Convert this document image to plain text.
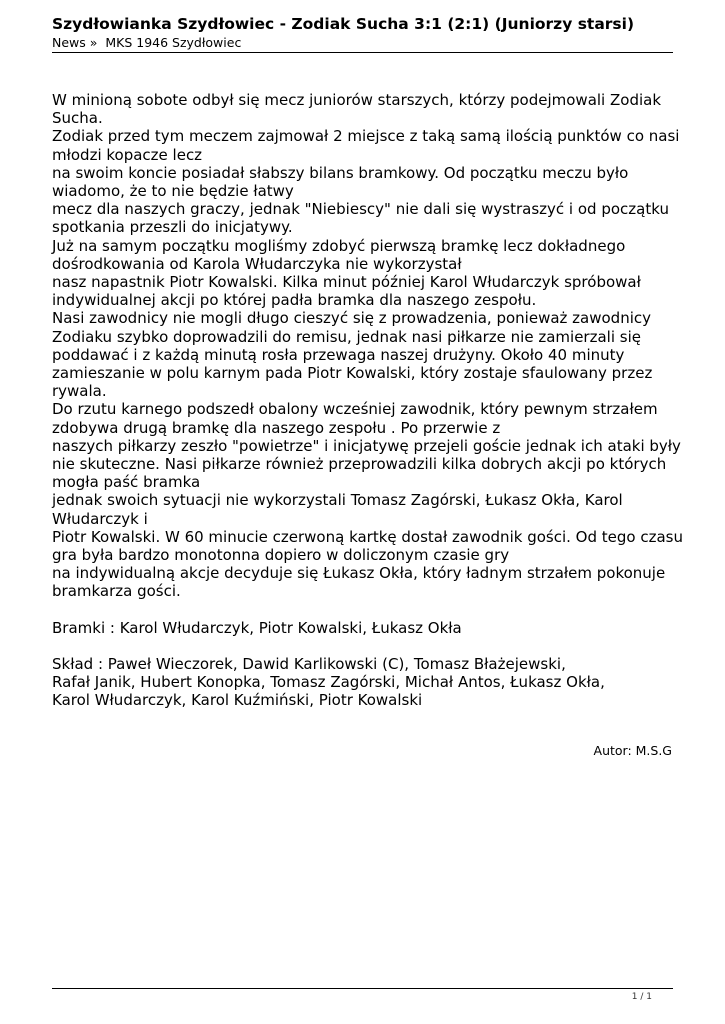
Szydłowianka Szydłowiec - Zodiak Sucha 3:1 (2:1) (Juniorzy starsi)
News »  MKS 1946 Szydłowiec
W minioną sobote odbył się mecz juniorów starszych, którzy podejmowali Zodiak
Sucha.
Zodiak przed tym meczem zajmował 2 miejsce z taką samą ilością punktów co nasi
młodzi kopacze lecz
na swoim koncie posiadał słabszy bilans bramkowy. Od początku meczu było
wiadomo, że to nie będzie łatwy
mecz dla naszych graczy, jednak "Niebiescy" nie dali się wystraszyć i od początku
spotkania przeszli do inicjatywy.
Już na samym początku mogliśmy zdobyć pierwszą bramkę lecz dokładnego
dośrodkowania od Karola Włudarczyka nie wykorzystał
nasz napastnik Piotr Kowalski. Kilka minut później Karol Włudarczyk spróbował
indywidualnej akcji po której padła bramka dla naszego zespołu.
Nasi zawodnicy nie mogli długo cieszyć się z prowadzenia, ponieważ zawodnicy
Zodiaku szybko doprowadzili do remisu, jednak nasi piłkarze nie zamierzali się
poddawać i z każdą minutą rosła przewaga naszej drużyny. Około 40 minuty
zamieszanie w polu karnym pada Piotr Kowalski, który zostaje sfaulowany przez
rywala.
Do rzutu karnego podszedł obalony wcześniej zawodnik, który pewnym strzałem
zdobywa drugą bramkę dla naszego zespołu . Po przerwie z
naszych piłkarzy zeszło "powietrze" i inicjatywę przejeli goście jednak ich ataki były
nie skuteczne. Nasi piłkarze również przeprowadzili kilka dobrych akcji po których
mogła paść bramka
jednak swoich sytuacji nie wykorzystali Tomasz Zagórski, Łukasz Okła, Karol
Włudarczyk i
Piotr Kowalski. W 60 minucie czerwoną kartkę dostał zawodnik gości. Od tego czasu
gra była bardzo monotonna dopiero w doliczonym czasie gry
na indywidualną akcje decyduje się Łukasz Okła, który ładnym strzałem pokonuje
bramkarza gości.
Bramki : Karol Włudarczyk, Piotr Kowalski, Łukasz Okła
Skład : Paweł Wieczorek, Dawid Karlikowski (C), Tomasz Błażejewski,
Rafał Janik, Hubert Konopka, Tomasz Zagórski, Michał Antos, Łukasz Okła,
Karol Włudarczyk, Karol Kuźmiński, Piotr Kowalski
Autor: M.S.G
1 / 1
